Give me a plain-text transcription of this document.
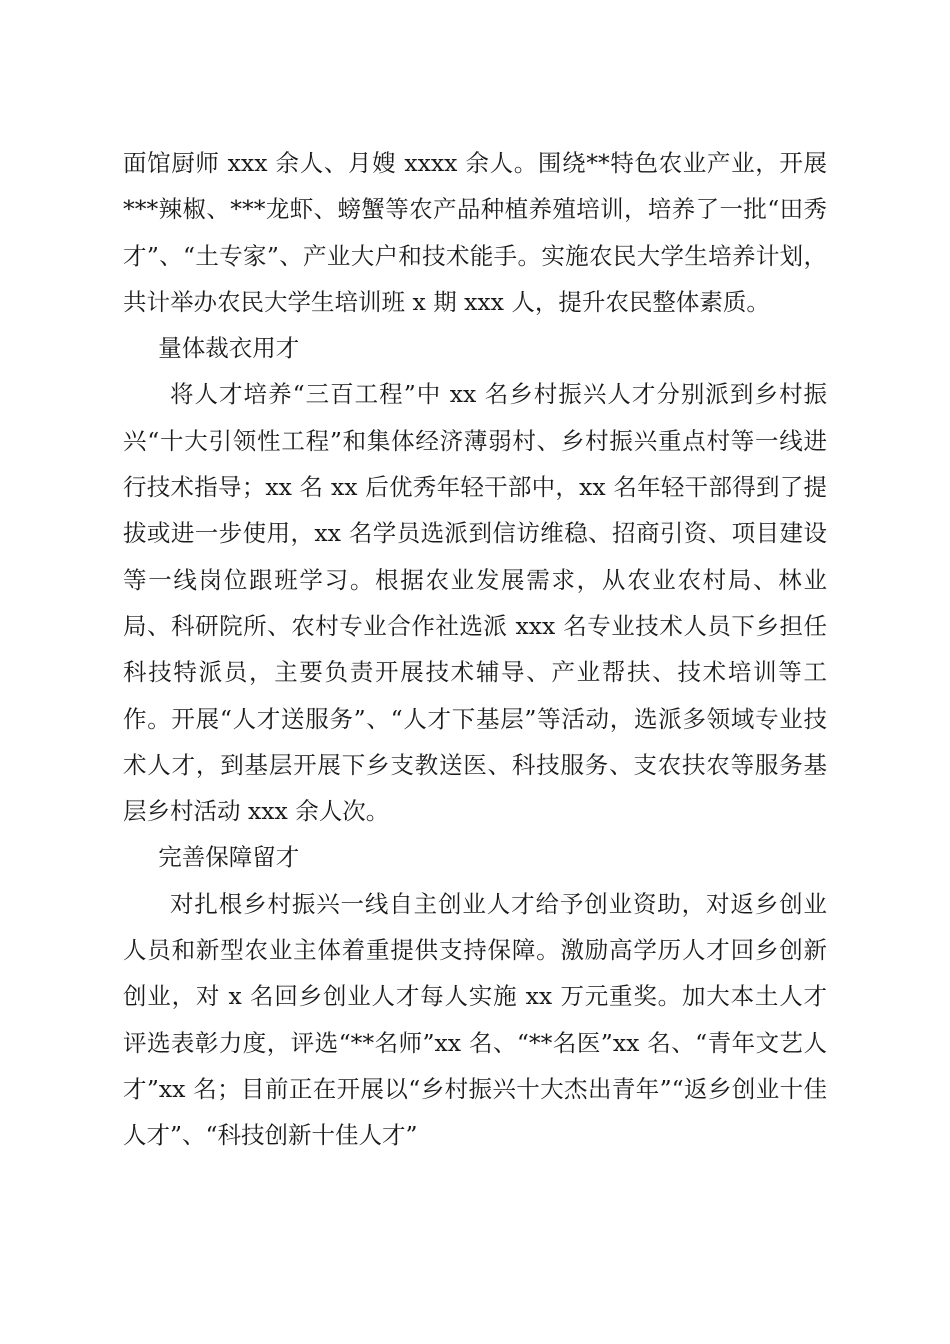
面馆厨师 xxx 余人、月嫂 xxxx 余人。围绕**特色农业产业，开展***辣椒、***龙虾、螃蟹等农产品种植养殖培训，培养了一批“田秀才”、“土专家”、产业大户和技术能手。实施农民大学生培养计划，共计举办农民大学生培训班 x 期 xxx 人，提升农民整体素质。

量体裁衣用才

将人才培养“三百工程”中 xx 名乡村振兴人才分别派到乡村振兴“十大引领性工程”和集体经济薄弱村、乡村振兴重点村等一线进行技术指导；xx 名 xx 后优秀年轻干部中，xx 名年轻干部得到了提拔或进一步使用，xx 名学员选派到信访维稳、招商引资、项目建设等一线岗位跟班学习。根据农业发展需求，从农业农村局、林业局、科研院所、农村专业合作社选派 xxx 名专业技术人员下乡担任科技特派员，主要负责开展技术辅导、产业帮扶、技术培训等工作。开展“人才送服务”、“人才下基层”等活动，选派多领域专业技术人才，到基层开展下乡支教送医、科技服务、支农扶农等服务基层乡村活动 xxx 余人次。

完善保障留才

对扎根乡村振兴一线自主创业人才给予创业资助，对返乡创业人员和新型农业主体着重提供支持保障。激励高学历人才回乡创新创业，对 x 名回乡创业人才每人实施 xx 万元重奖。加大本土人才评选表彰力度，评选“**名师”xx 名、“**名医”xx 名、“青年文艺人才”xx 名；目前正在开展以“乡村振兴十大杰出青年”“返乡创业十佳人才”、“科技创新十佳人才”
